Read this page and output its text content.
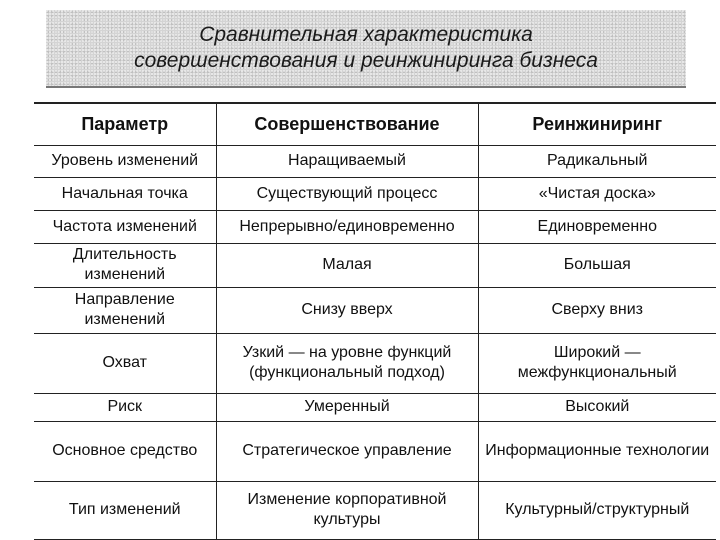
Сравнительная характеристика
совершенствования и реинжиниринга бизнеса
Параметр	Совершенствование	Реинжиниринг
Уровень изменений	Наращиваемый	Радикальный
Начальная точка	Существующий процесс	«Чистая доска»
Частота изменений	Непрерывно/единовременно	Единовременно
Длительность изменений	Малая	Большая
Направление изменений	Снизу вверх	Сверху вниз
Охват	Узкий — на уровне функций (функциональный подход)	Широкий — межфункциональный
Риск	Умеренный	Высокий
Основное средство	Стратегическое управление	Информационные технологии
Тип изменений	Изменение корпоративной культуры	Культурный/структурный
